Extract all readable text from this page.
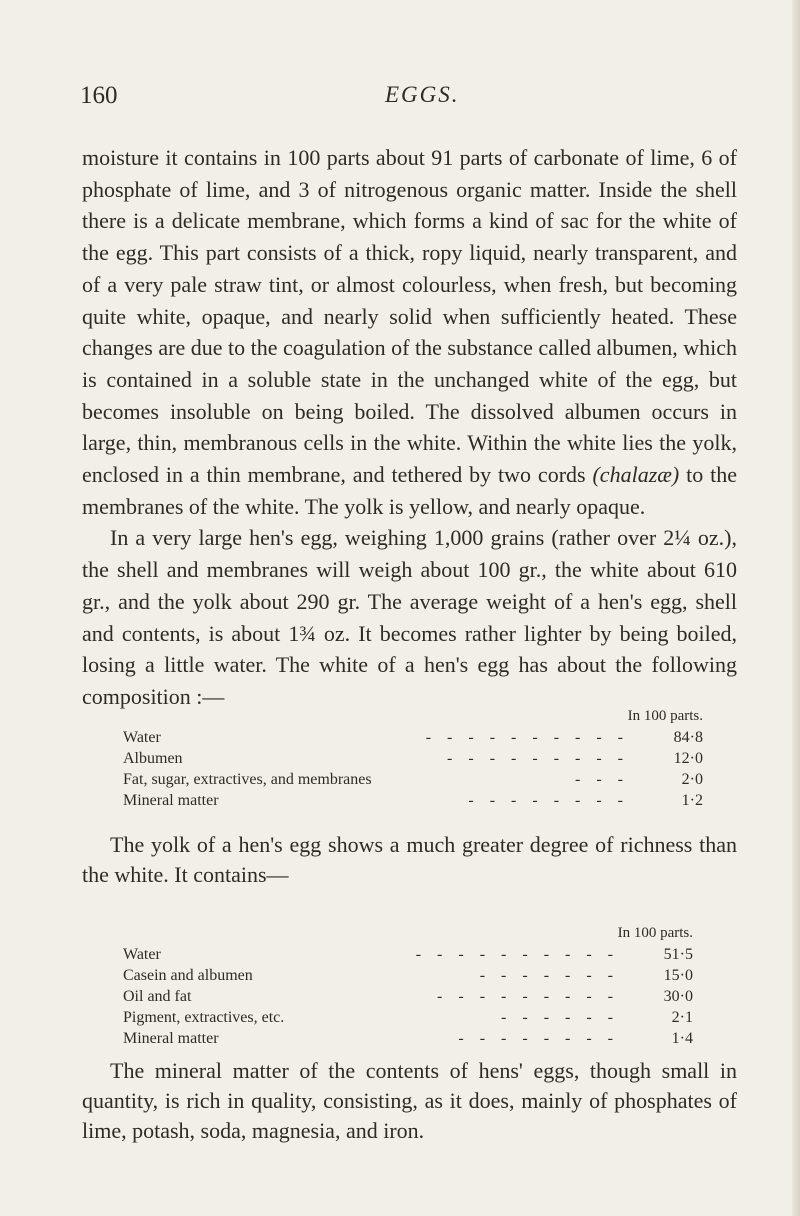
160	EGGS.

moisture it contains in 100 parts about 91 parts of carbonate of lime, 6 of phosphate of lime, and 3 of nitrogenous organic matter. Inside the shell there is a delicate membrane, which forms a kind of sac for the white of the egg. This part consists of a thick, ropy liquid, nearly transparent, and of a very pale straw tint, or almost colourless, when fresh, but becoming quite white, opaque, and nearly solid when sufficiently heated. These changes are due to the coagulation of the substance called albumen, which is contained in a soluble state in the unchanged white of the egg, but becomes insoluble on being boiled. The dissolved albumen occurs in large, thin, membranous cells in the white. Within the white lies the yolk, enclosed in a thin membrane, and tethered by two cords (chalazæ) to the membranes of the white. The yolk is yellow, and nearly opaque.

In a very large hen's egg, weighing 1,000 grains (rather over 2¼ oz.), the shell and membranes will weigh about 100 gr., the white about 610 gr., and the yolk about 290 gr. The average weight of a hen's egg, shell and contents, is about 1¾ oz. It becomes rather lighter by being boiled, losing a little water. The white of a hen's egg has about the following composition :—

In 100 parts.
Water	- - - - - - - - - -	84·8
Albumen	- - - - - - - - -	12·0
Fat, sugar, extractives, and membranes	- - -	2·0
Mineral matter	- - - - - - - -	1·2
The yolk of a hen's egg shows a much greater degree of richness than the white. It contains—
In 100 parts.
Water	- - - - - - - - - -	51·5
Casein and albumen	- - - - - - -	15·0
Oil and fat	- - - - - - - - -	30·0
Pigment, extractives, etc.	- - - - - -	2·1
Mineral matter	- - - - - - - -	1·4
The mineral matter of the contents of hens' eggs, though small in quantity, is rich in quality, consisting, as it does, mainly of phosphates of lime, potash, soda, magnesia, and iron.
